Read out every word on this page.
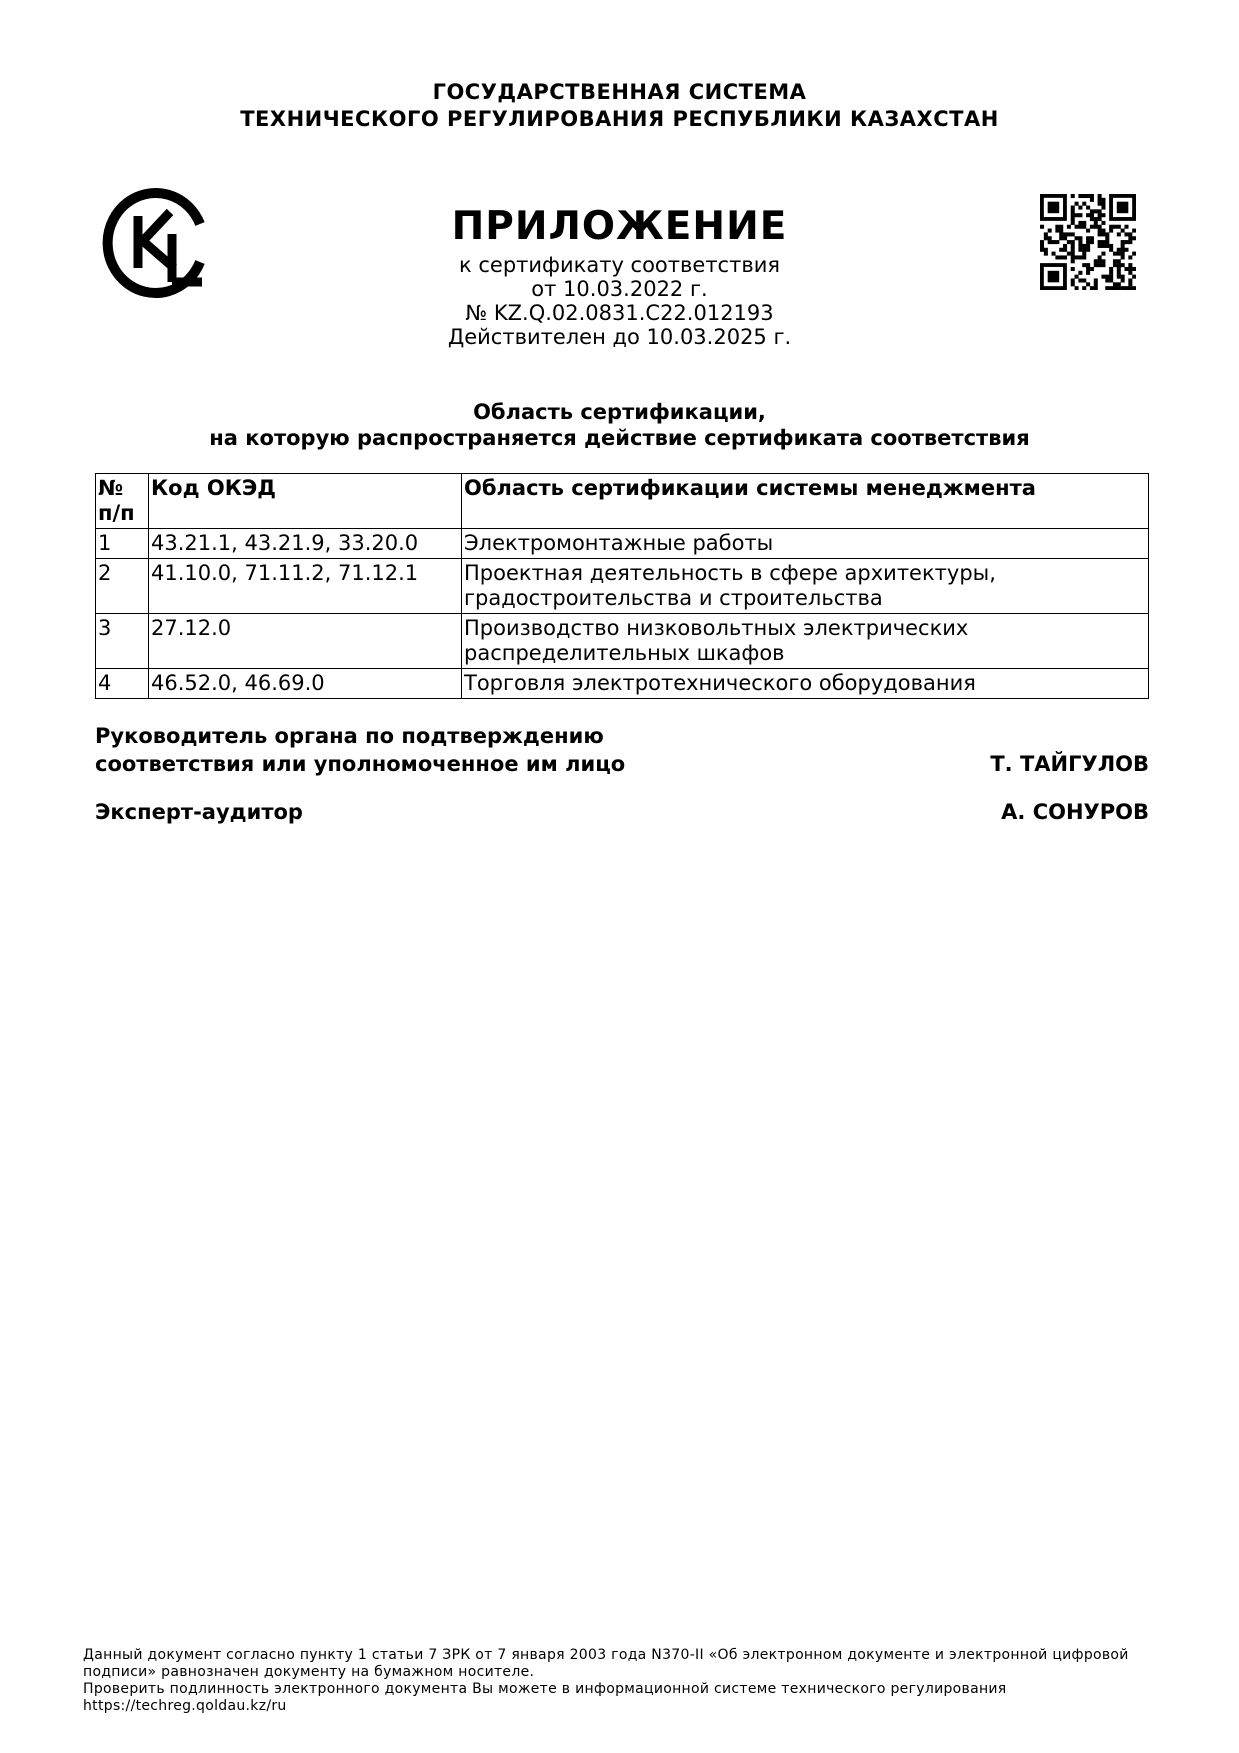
ГОСУДАРСТВЕННАЯ СИСТЕМА
ТЕХНИЧЕСКОГО РЕГУЛИРОВАНИЯ РЕСПУБЛИКИ КАЗАХСТАН
ПРИЛОЖЕНИЕ
к сертификату соответствия
от 10.03.2022 г.
№ KZ.Q.02.0831.C22.012193
Действителен до 10.03.2025 г.
Область сертификации,
на которую распространяется действие сертификата соответствия
№ п/п	Код ОКЭД	Область сертификации системы менеджмента
1	43.21.1, 43.21.9, 33.20.0	Электромонтажные работы
2	41.10.0, 71.11.2, 71.12.1	Проектная деятельность в сфере архитектуры, градостроительства и строительства
3	27.12.0	Производство низковольтных электрических распределительных шкафов
4	46.52.0, 46.69.0	Торговля электротехнического оборудования
Руководитель органа по подтверждению
соответствия или уполномоченное им лицо	Т. ТАЙГУЛОВ
Эксперт-аудитор	А. СОНУРОВ
Данный документ согласно пункту 1 статьи 7 ЗРК от 7 января 2003 года N370-II «Об электронном документе и электронной цифровой
подписи» равнозначен документу на бумажном носителе.
Проверить подлинность электронного документа Вы можете в информационной системе технического регулирования
https://techreg.qoldau.kz/ru
